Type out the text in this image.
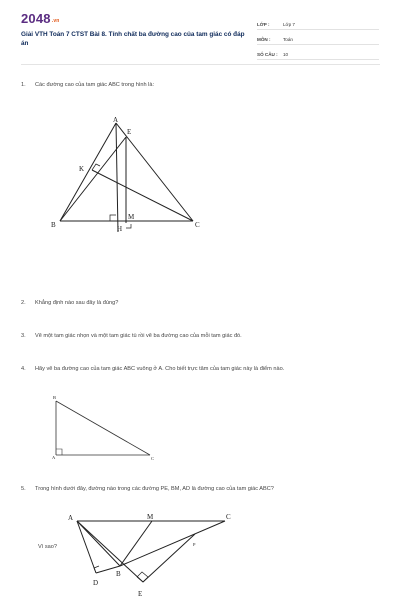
2048.vn
Giải VTH Toán 7 CTST Bài 8. Tính chất ba đường cao của tam giác có đáp án
LỚP :	Lớp 7
MÔN :	Toán
SỐ CÂU :	10
1. Các đường cao của tam giác ABC trong hình là:
A
E
K
B	C
M
H
B
A	C
A	M	C
P
B
D
E
2. Khẳng định nào sau đây là đúng?
3. Vẽ một tam giác nhọn và một tam giác tù rồi vẽ ba đường cao của mỗi tam giác đó.
4. Hãy vẽ ba đường cao của tam giác ABC vuông ở A. Cho biết trực tâm của tam giác này là điểm nào.
5. Trong hình dưới đây, đường nào trong các đường PE, BM, AD là đường cao của tam giác ABC?
Vì sao?
